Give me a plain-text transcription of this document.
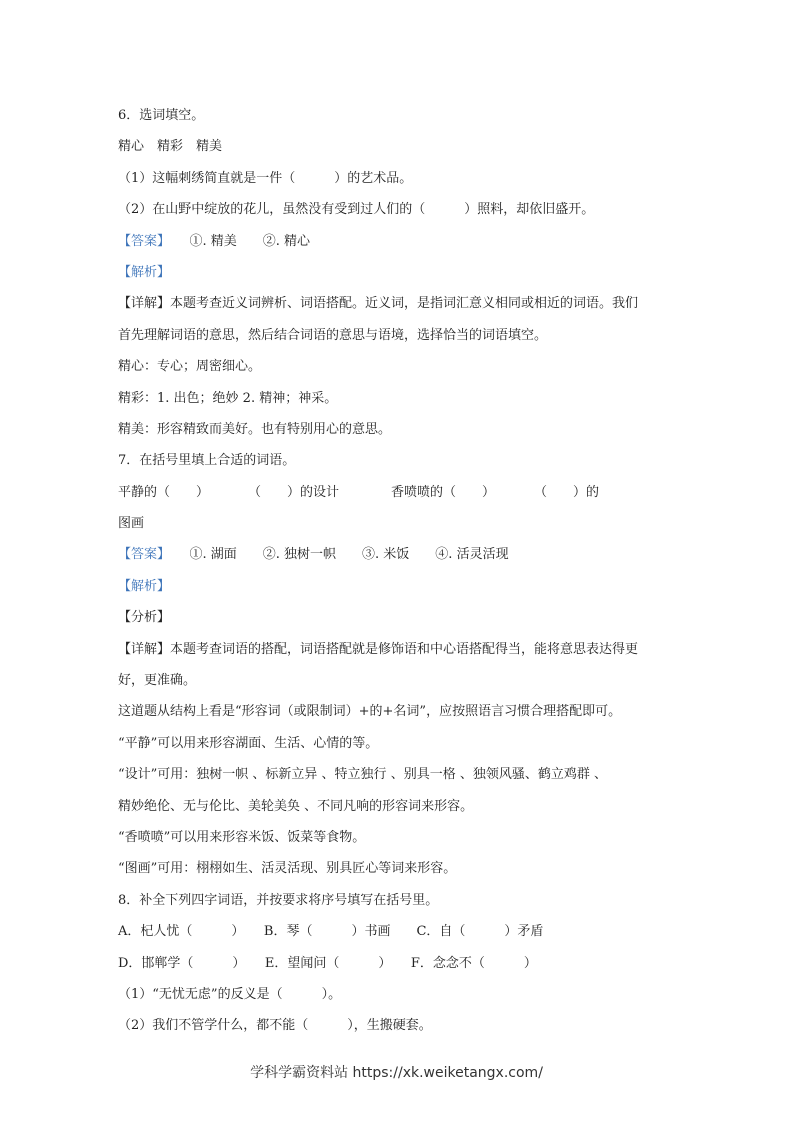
6．选词填空。
精心　精彩　精美
（1）这幅刺绣简直就是一件（　　　）的艺术品。
（2）在山野中绽放的花儿，虽然没有受到过人们的（　　　）照料，却依旧盛开。
【答案】　　①. 精美　　②. 精心
【解析】
【详解】本题考查近义词辨析、词语搭配。近义词，是指词汇意义相同或相近的词语。我们
首先理解词语的意思，然后结合词语的意思与语境，选择恰当的词语填空。
精心：专心；周密细心。
精彩：1. 出色；绝妙 2. 精神；神采。
精美：形容精致而美好。也有特别用心的意思。
7．在括号里填上合适的词语。
平静的（　　）　　　　（　　）的设计　　　　香喷喷的（　　）　　　　（　　）的
图画
【答案】　　①. 湖面　　②. 独树一帜　　③. 米饭　　④. 活灵活现
【解析】
【分析】
【详解】本题考查词语的搭配，词语搭配就是修饰语和中心语搭配得当，能将意思表达得更
好，更准确。
这道题从结构上看是“形容词（或限制词）+的+名词”，应按照语言习惯合理搭配即可。
“平静”可以用来形容湖面、生活、心情的等。
“设计”可用：独树一帜 、标新立异 、特立独行 、别具一格 、独领风骚、鹤立鸡群 、
精妙绝伦、无与伦比、美轮美奂 、不同凡响的形容词来形容。
“香喷喷”可以用来形容米饭、饭菜等食物。
“图画”可用：栩栩如生、活灵活现、别具匠心等词来形容。
8．补全下列四字词语，并按要求将序号填写在括号里。
A．杞人忧（　　　）　　B．琴（　　　）书画　　C．自（　　　）矛盾
D．邯郸学（　　　）　　E．望闻问（　　　）　　F．念念不（　　　）
（1）“无忧无虑”的反义是（　　　）。
（2）我们不管学什么，都不能（　　　），生搬硬套。
学科学霸资料站 https://xk.weiketangx.com/
